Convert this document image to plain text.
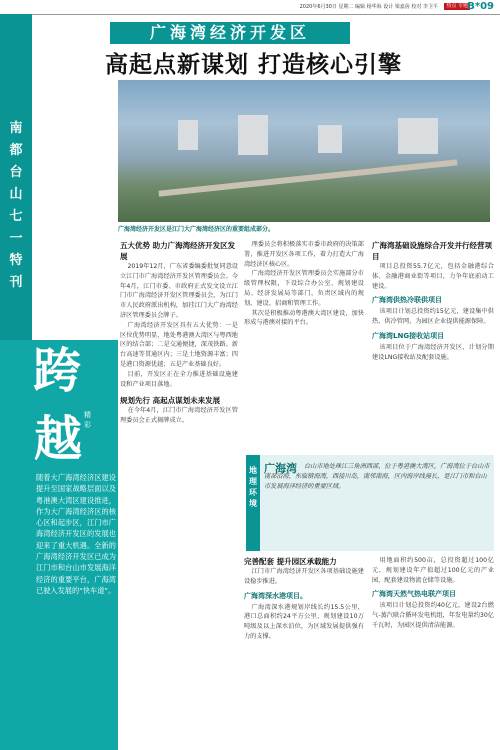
2020年6月30日 星期二 编辑 杨华海 设计 梁嘉茵 校对 李卫平	热点 专题 B*09
南都台山七一特刊
跨
越 精彩
随着大广海湾经济区建设提升至国家战略层面以及粤港澳大湾区建设推进，作为大广海湾经济区的核心区和起步区，江门市广海湾经济开发区的发展也迎来了重大机遇。全新的广海湾经济开发区已成为江门市和台山市发展海洋经济的重要平台，广海湾已驶入发展的“快车道”。
广海湾经济开发区
高起点新谋划 打造核心引擎
广海湾经济开发区是江门大广海湾经济区的重要组成部分。
五大优势 助力广海湾经济开发区发展

2019年12月，广东省委编委批复同意设立江门市广海湾经济开发区管理委员会。今年4月，江门市委、市政府正式发文设立江门市广海湾经济开发区管理委员会，为江门市人民政府派出机构，加挂江门大广海湾经济区管理委员会牌子。

广海湾经济开发区具有五大优势：一是区位优势明显，地处粤港澳大湾区与粤西地区的结合部；二是交通便捷，深茂铁路、新台高速等贯通区内；三是土地资源丰富；四是港口资源优越；五是产业基础良好。

目前，开发区正在全力推进基础设施建设和产业项目落地。

规划先行 高起点谋划未来发展

在今年4月，江门市广海湾经济开发区管理委员会正式揭牌成立。

理委员会将积极落实市委市政府的决策部署，推进开发区各项工作，着力打造大广海湾经济区核心区。

广海湾经济开发区管理委员会实施部分市级管理权限，下设综合办公室、规划建设局、经济发展局等部门，负责区域内的规划、建设、招商和管理工作。

其次是积极推动粤港澳大湾区建设，加快形成与港澳对接的平台。

地理环境
广海湾	台山市地处珠江三角洲西部，位于粤港澳大湾区，广海湾位于台山市南部沿海，东临镇海湾，西接川岛，南邻南海，区内海岸线漫长，是江门市和台山市发展海洋经济的重要区域。
完善配套 提升园区承载能力

江门市广海湾经济开发区各项基础设施建设稳步推进。

广海湾深水港项目。

广海湾深水港规划岸线长约15.5公里，港口总面积约24平方公里，规划建设10万吨级及以上深水泊位，为区域发展提供强有力的支撑。

广海湾基础设施综合开发并行经营项目

项目总投资55.7亿元，包括金融港综合体、金融港商业街等项目，力争年底前动工建设。

广海湾供热冷联供项目

该项目计划总投资约15亿元，建设集中供热、供冷管网，为园区企业提供能源保障。

广海湾LNG接收站项目

该项目位于广海湾经济开发区，计划分期建设LNG接收站及配套设施。

用地面积约500亩，总投资超过100亿元，规划建设年产值超过100亿元的产业园，配套建设物流仓储等设施。

广海湾天然气热电联产项目

该项目计划总投资约40亿元，建设2台燃气-蒸汽联合循环发电机组，年发电量约30亿千瓦时，为园区提供清洁能源。
